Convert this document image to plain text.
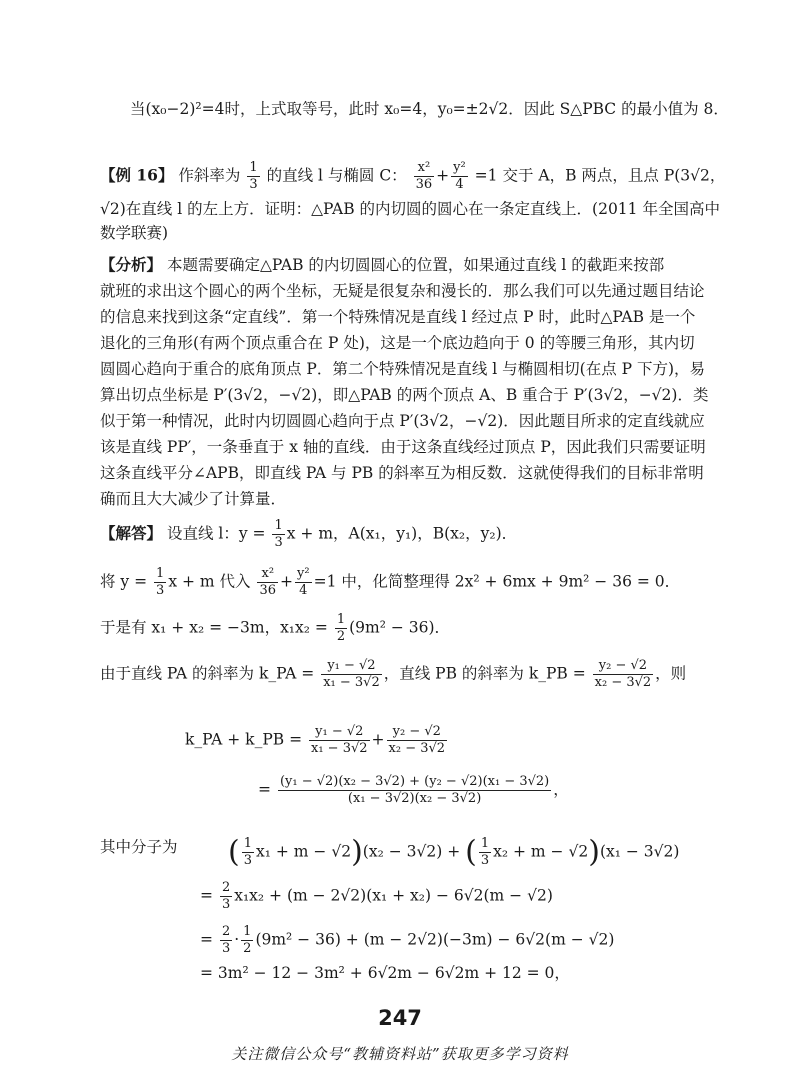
当(x₀−2)²=4时，上式取等号，此时 x₀=4，y₀=±2√2．因此 S△PBC 的最小值为 8．
【例 16】 作斜率为 $\frac{1}{3}$ 的直线 l 与椭圆 C： $\frac{\text{x²}}{36} + \frac{\text{y²}}{4} =1$ 交于 A，B 两点，且点 P(3√2，
√2)在直线 l 的左上方．证明：△PAB 的内切圆的圆心在一条定直线上．(2011 年全国高中
数学联赛)
【分析】 本题需要确定△PAB 的内切圆圆心的位置，如果通过直线 l 的截距来按部
就班的求出这个圆心的两个坐标，无疑是很复杂和漫长的．那么我们可以先通过题目结论
的信息来找到这条“定直线”．第一个特殊情况是直线 l 经过点 P 时，此时△PAB 是一个
退化的三角形(有两个顶点重合在 P 处)，这是一个底边趋向于 0 的等腰三角形，其内切
圆圆心趋向于重合的底角顶点 P．第二个特殊情况是直线 l 与椭圆相切(在点 P 下方)，易
算出切点坐标是 P′(3√2，−√2)，即△PAB 的两个顶点 A、B 重合于 P′(3√2，−√2)．类
似于第一种情况，此时内切圆圆心趋向于点 P′(3√2，−√2)．因此题目所求的定直线就应
该是直线 PP′，一条垂直于 x 轴的直线．由于这条直线经过顶点 P，因此我们只需要证明
这条直线平分∠APB，即直线 PA 与 PB 的斜率互为相反数．这就使得我们的目标非常明
确而且大大减少了计算量．
【解答】 设直线 l：$y = \frac{1}{3}$ x + m，A(x₁，y₁)，B(x₂，y₂)．
将 $y = \frac{1}{3}$ x + m 代入 $\frac{\text{x²}}{36} + \frac{\text{y²}}{4} =1$ 中，化简整理得 2x² + 6mx + 9m² − 36 = 0．
于是有 x₁ + x₂ = −3m，$x_1x_2 = \frac{1}{2} (9m^2 - 36)$．
由于直线 PA 的斜率为 k_PA = $\frac{\text{y₁ − √2}}{\text{x₁ − 3√2}}$ ，直线 PB 的斜率为 k_PB = $\frac{\text{y₂ − √2}}{\text{x₂ − 3√2}}$ ，则
k_PA + k_PB = $\frac{\text{y₁ − √2}}{\text{x₁ − 3√2}} + \frac{\text{y₂ − √2}}{\text{x₂ − 3√2}}$
= $\frac{\text{(y₁ − √2)(x₂ − 3√2) + (y₂ − √2)(x₁ − 3√2)}}{\text{(x₁ − 3√2)(x₂ − 3√2)}}$ ，
其中分子为 ( $\frac{1}{3} x_1 + m - √2)(x_2 - 3√2)$ + ( $\frac{1}{3} x_2 + m - √2)(x_1 - 3√2)$
= $\frac{2}{3} x_1x_2 + (m - 2√2)(x_1 + x_2) - 6√2(m - √2)$
= $\frac{2}{3} \cdot \frac{1}{2} (9m^2 - 36) + (m - 2√2)(-3m) - 6√2(m - √2)$
= 3m² − 12 − 3m² + 6√2m − 6√2m + 12 = 0，
247
关注微信公众号“教辅资料站”获取更多学习资料
